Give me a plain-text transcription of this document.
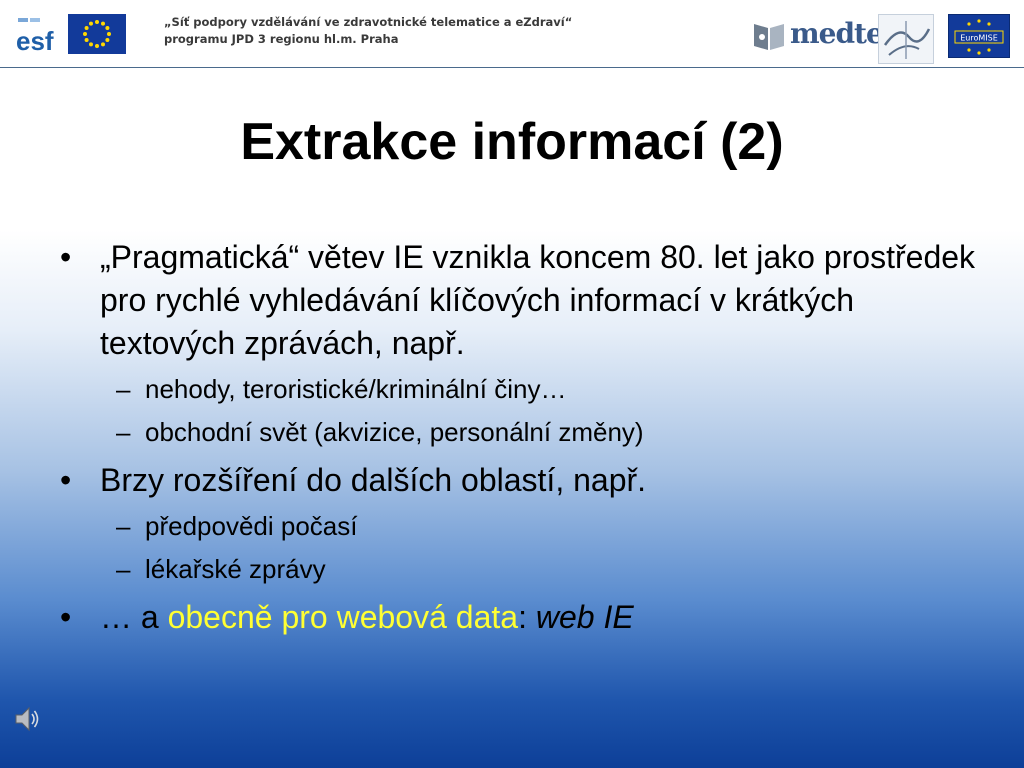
esf
„Síť podpory vzdělávání ve zdravotnické telematice a eZdraví“
programu JPD 3 regionu hl.m. Praha	medtel	EuroMISE
Extrakce informací (2)
• „Pragmatická“ větev IE vznikla koncem 80. let jako prostředek pro rychlé vyhledávání klíčových informací v krátkých textových zprávách, např.
– nehody, teroristické/kriminální činy…
– obchodní svět (akvizice, personální změny)
• Brzy rozšíření do dalších oblastí, např.
– předpovědi počasí
– lékařské zprávy
• … a obecně pro webová data: web IE
